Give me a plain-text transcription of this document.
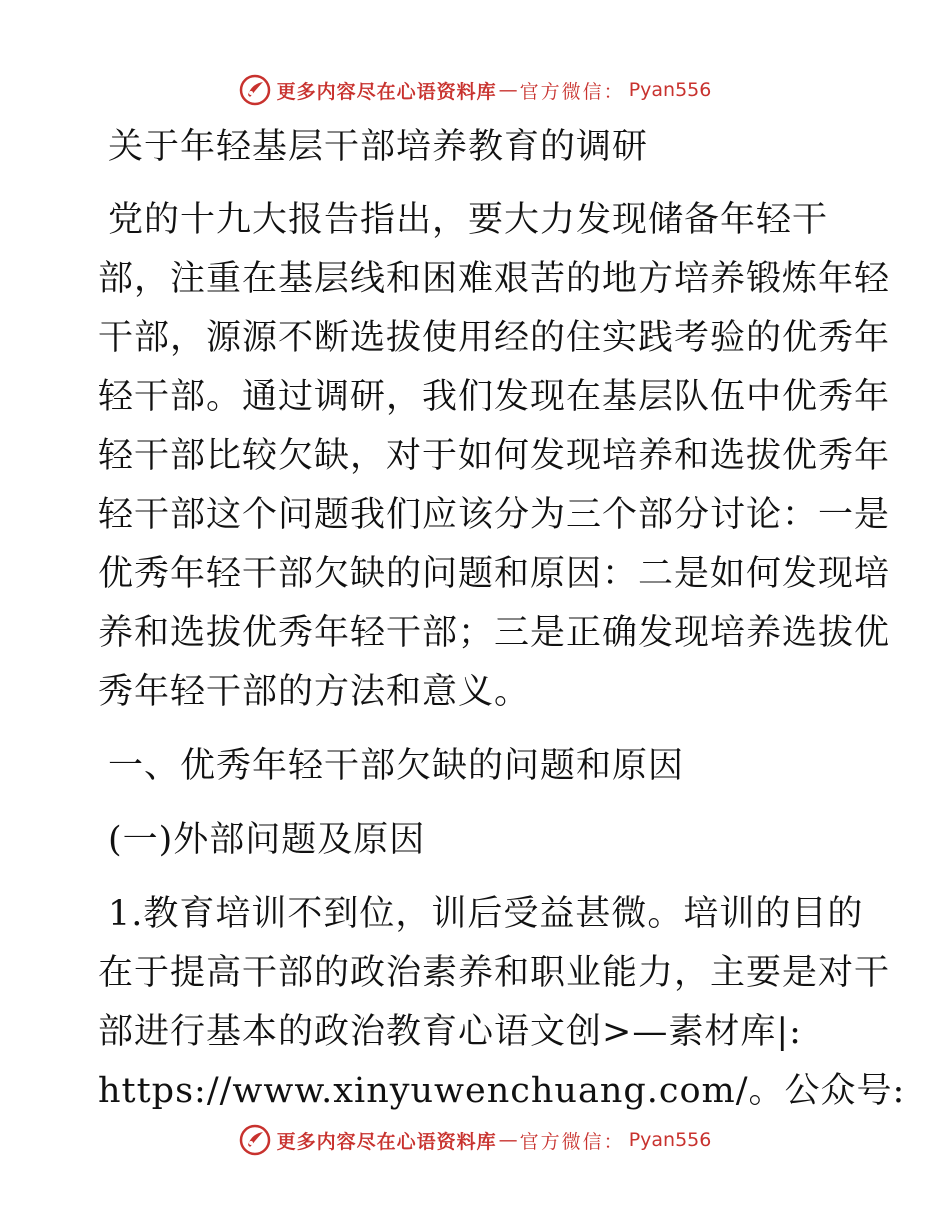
更多内容尽在心语资料库 — 官方微信： Pyan556
关于年轻基层干部培养教育的调研
党的十九大报告指出，要大力发现储备年轻干
部，注重在基层线和困难艰苦的地方培养锻炼年轻
干部，源源不断选拔使用经的住实践考验的优秀年
轻干部。通过调研，我们发现在基层队伍中优秀年
轻干部比较欠缺，对于如何发现培养和选拔优秀年
轻干部这个问题我们应该分为三个部分讨论：一是
优秀年轻干部欠缺的问题和原因：二是如何发现培
养和选拔优秀年轻干部；三是正确发现培养选拔优
秀年轻干部的方法和意义。
一、优秀年轻干部欠缺的问题和原因
(一)外部问题及原因
1.教育培训不到位，训后受益甚微。培训的目的
在于提高干部的政治素养和职业能力，主要是对干
部进行基本的政治教育心语文创>—素材库|:
https://www.xinyuwenchuang.com/。公众号:
更多内容尽在心语资料库 — 官方微信： Pyan556
